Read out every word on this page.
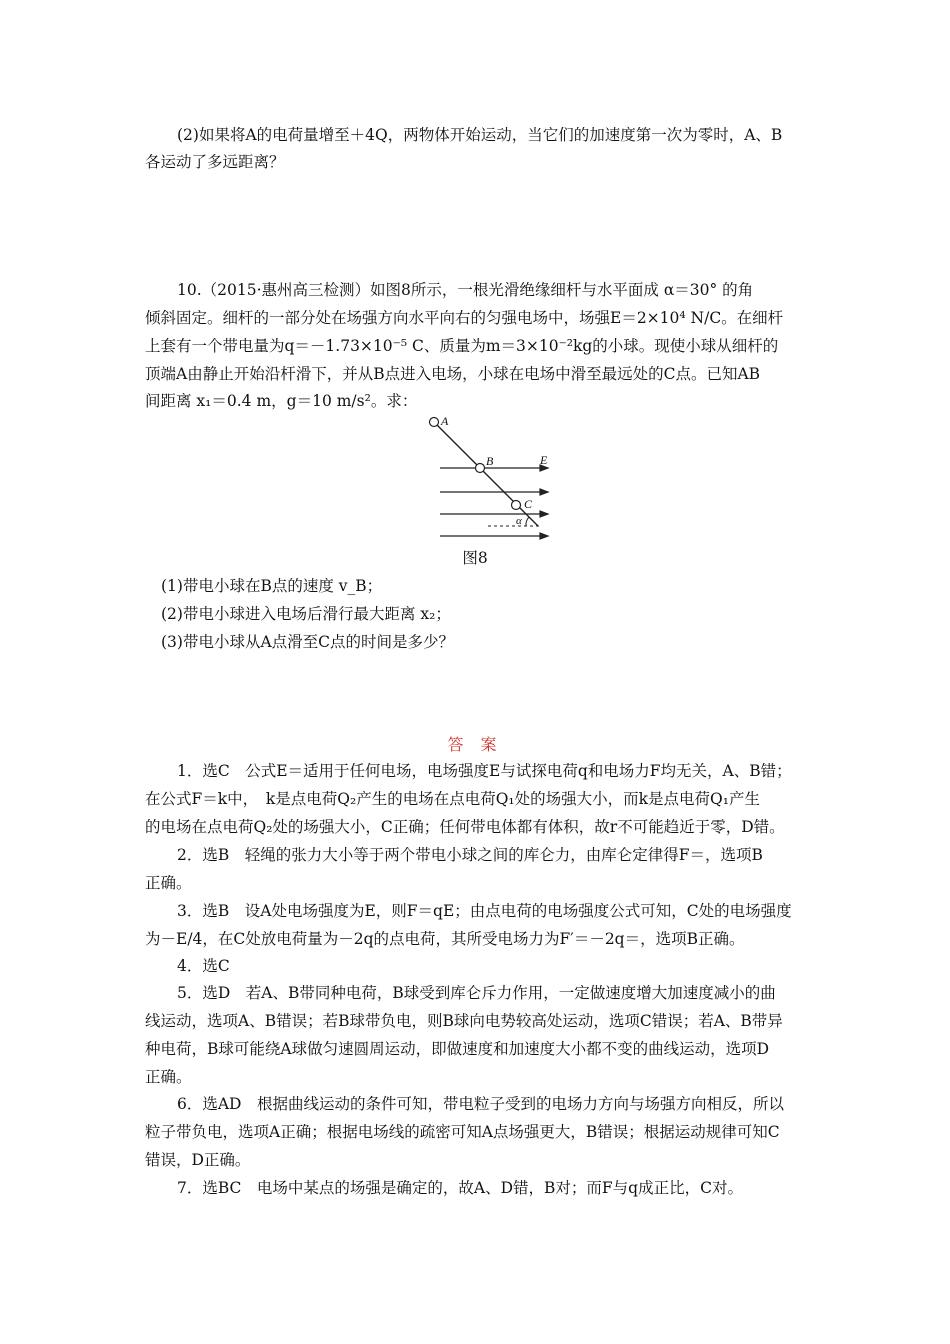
(2)如果将A的电荷量增至＋4Q，两物体开始运动，当它们的加速度第一次为零时，A、B
各运动了多远距离？
10.（2015·惠州高三检测）如图8所示，一根光滑绝缘细杆与水平面成 α＝30° 的角
倾斜固定。细杆的一部分处在场强方向水平向右的匀强电场中，场强E＝2×10⁴ N/C。在细杆
上套有一个带电量为q＝－1.73×10⁻⁵ C、质量为m＝3×10⁻²kg的小球。现使小球从细杆的
顶端A由静止开始沿杆滑下，并从B点进入电场，小球在电场中滑至最远处的C点。已知AB
间距离 x₁＝0.4 m，g＝10 m/s²。求：
A
B
C
E
α
图8
(1)带电小球在B点的速度 v_B；
(2)带电小球进入电场后滑行最大距离 x₂；
(3)带电小球从A点滑至C点的时间是多少？
答 案
1．选C　公式E＝适用于任何电场，电场强度E与试探电荷q和电场力F均无关，A、B错；
在公式F＝k中，　k是点电荷Q₂产生的电场在点电荷Q₁处的场强大小，而k是点电荷Q₁产生
的电场在点电荷Q₂处的场强大小，C正确；任何带电体都有体积，故r不可能趋近于零，D错。
2．选B　轻绳的张力大小等于两个带电小球之间的库仑力，由库仑定律得F＝，选项B
正确。
3．选B　设A处电场强度为E，则F＝qE；由点电荷的电场强度公式可知，C处的电场强度
为－E/4，在C处放电荷量为－2q的点电荷，其所受电场力为F′＝－2q＝，选项B正确。
4．选C
5．选D　若A、B带同种电荷，B球受到库仑斥力作用，一定做速度增大加速度减小的曲
线运动，选项A、B错误；若B球带负电，则B球向电势较高处运动，选项C错误；若A、B带异
种电荷，B球可能绕A球做匀速圆周运动，即做速度和加速度大小都不变的曲线运动，选项D
正确。
6．选AD　根据曲线运动的条件可知，带电粒子受到的电场力方向与场强方向相反，所以
粒子带负电，选项A正确；根据电场线的疏密可知A点场强更大，B错误；根据运动规律可知C
错误，D正确。
7．选BC　电场中某点的场强是确定的，故A、D错，B对；而F与q成正比，C对。
